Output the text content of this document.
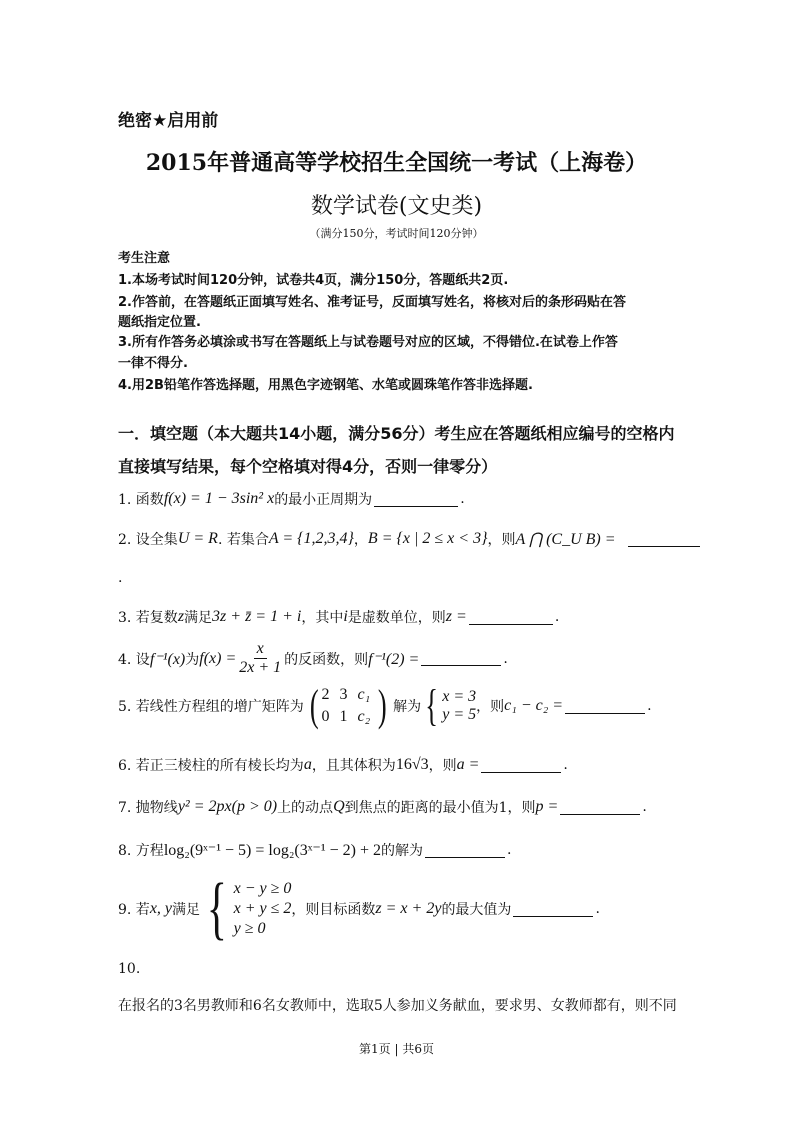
绝密★启用前
2015年普通高等学校招生全国统一考试（上海卷）
数学试卷(文史类)
（满分150分，考试时间120分钟）
考生注意
1.本场考试时间120分钟，试卷共4页，满分150分，答题纸共2页.
2.作答前，在答题纸正面填写姓名、准考证号，反面填写姓名，将核对后的条形码贴在答
题纸指定位置.
3.所有作答务必填涂或书写在答题纸上与试卷题号对应的区域，不得错位.在试卷上作答
一律不得分.
4.用2B铅笔作答选择题，用黑色字迹钢笔、水笔或圆珠笔作答非选择题.
一．填空题（本大题共14小题，满分56分）考生应在答题纸相应编号的空格内
直接填写结果，每个空格填对得4分，否则一律零分）
1. 函数 f(x) = 1 − 3sin² x 的最小正周期为	.
2. 设全集 U = R . 若集合 A = {1,2,3,4} ， B = {x | 2 ≤ x < 3} ，则 A ⋂ (C_U B) =
.
3. 若复数 z 满足 3z + z̄ = 1 + i ，其中 i 是虚数单位，则 z =	.
4. 设 f⁻¹(x) 为 $f(x) = \frac{x}{2x + 1}$ 的反函数，则 f⁻¹(2) =	.
5. 若线性方程组的增广矩阵为 ( 2 3 c₁
0 1 c₂ ) 解为 { x = 3
y = 5 ，则 c₁ − c₂ =	.
6. 若正三棱柱的所有棱长均为 a ，且其体积为 16√3 ，则 a =	.
7. 抛物线 y² = 2px(p > 0) 上的动点 Q 到焦点的距离的最小值为1，则 p =	.
8. 方程 log₂(9ˣ⁻¹ − 5) = log₂(3ˣ⁻¹ − 2) + 2 的解为	.
9. 若 x, y 满足 { x − y ≥ 0
x + y ≤ 2
y ≥ 0
，则目标函数 z = x + 2y 的最大值为	.
10.
在报名的3名男教师和6名女教师中，选取5人参加义务献血，要求男、女教师都有，则不同
第1页 | 共6页
